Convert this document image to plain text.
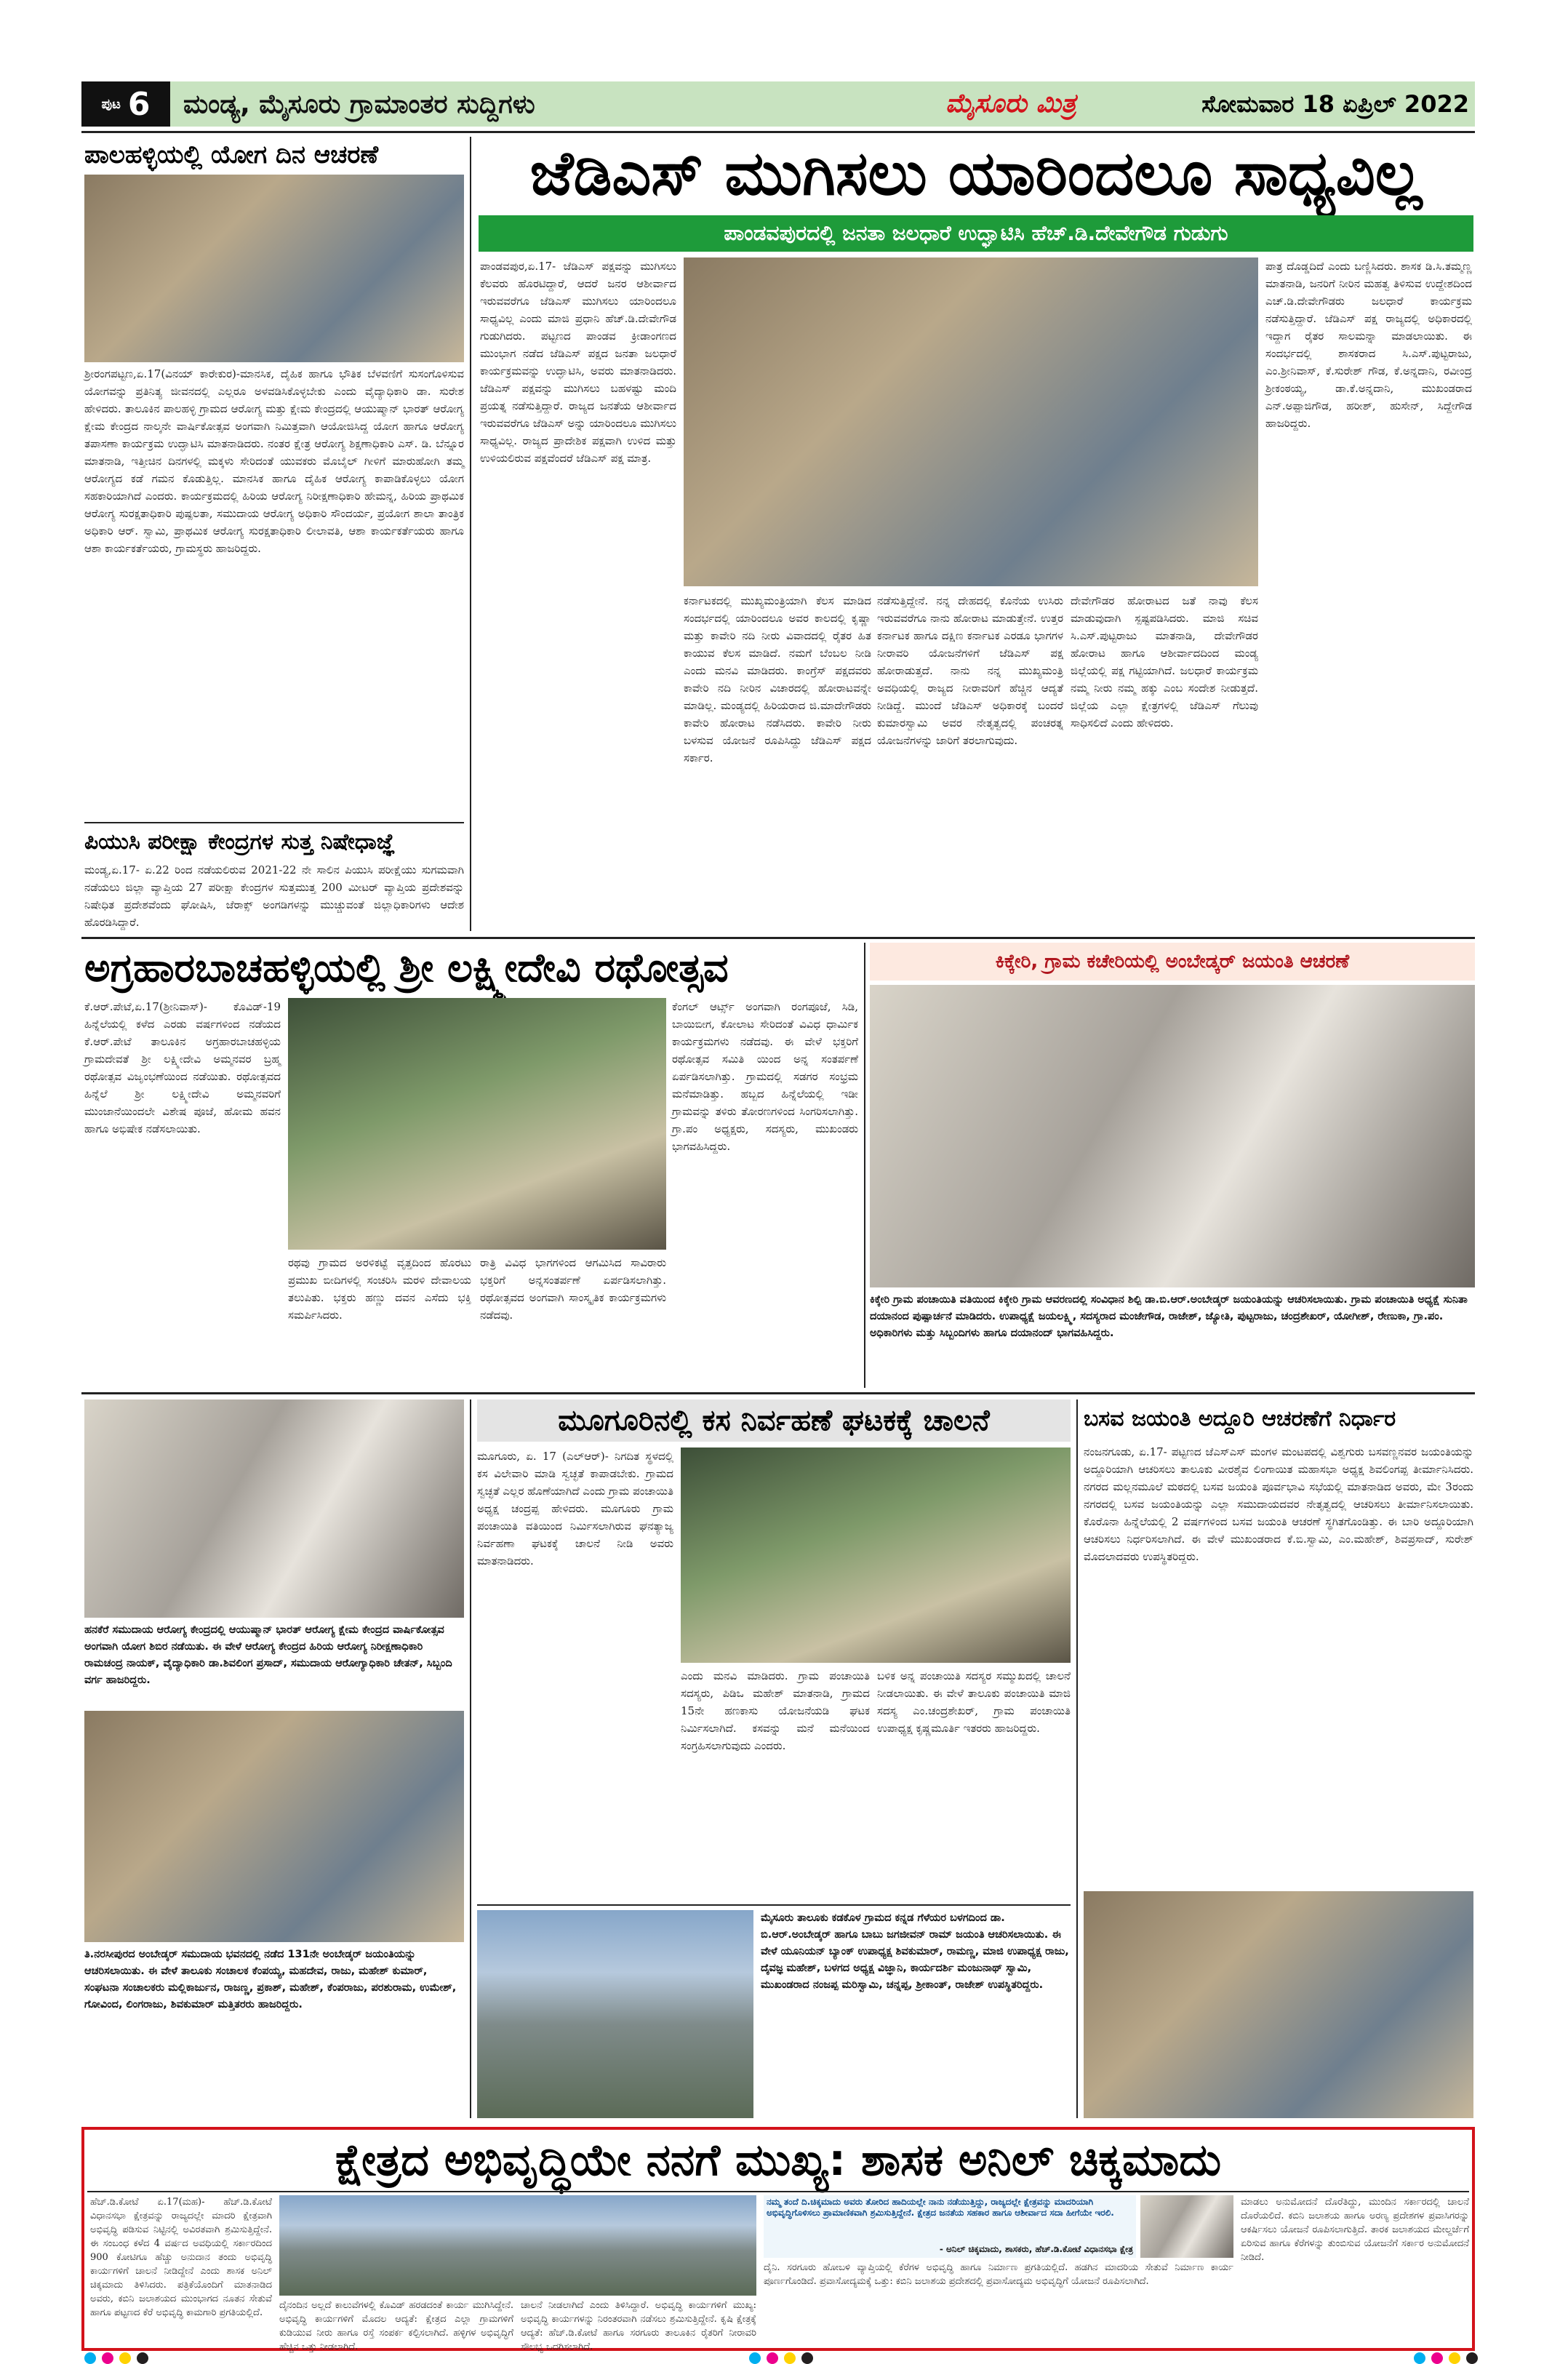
ಪುಟ 6 ಮಂಡ್ಯ, ಮೈಸೂರು ಗ್ರಾಮಾಂತರ ಸುದ್ದಿಗಳು	ಮೈಸೂರು ಮಿತ್ರ	ಸೋಮವಾರ 18 ಏಪ್ರಿಲ್ 2022
ಪಾಲಹಳ್ಳಿಯಲ್ಲಿ ಯೋಗ ದಿನ ಆಚರಣೆ
ಶ್ರೀರಂಗಪಟ್ಟಣ,ಏ.17(ವಿನಯ್ ಕಾರೇಕುರ)-ಮಾನಸಿಕ, ದೈಹಿಕ ಹಾಗೂ ಭೌತಿಕ ಬೆಳವಣಿಗೆ ಸುಸಂಗೊಳಿಸುವ ಯೋಗವನ್ನು ಪ್ರತಿನಿತ್ಯ ಜೀವನದಲ್ಲಿ ಎಲ್ಲರೂ ಅಳವಡಿಸಿಕೊಳ್ಳಬೇಕು ಎಂದು ವೈದ್ಯಾಧಿಕಾರಿ ಡಾ. ಸುರೇಶ ಹೇಳಿದರು. ತಾಲೂಕಿನ ಪಾಲಹಳ್ಳಿ ಗ್ರಾಮದ ಆರೋಗ್ಯ ಮತ್ತು ಕ್ಷೇಮ ಕೇಂದ್ರದಲ್ಲಿ ಆಯುಷ್ಮಾನ್ ಭಾರತ್ ಆರೋಗ್ಯ ಕ್ಷೇಮ ಕೇಂದ್ರದ ನಾಲ್ಕನೇ ವಾರ್ಷಿಕೋತ್ಸವ ಅಂಗವಾಗಿ ನಿಮಿತ್ತವಾಗಿ ಆಯೋಜಿಸಿದ್ದ ಯೋಗ ಹಾಗೂ ಆರೋಗ್ಯ ತಪಾಸಣಾ ಕಾರ್ಯಕ್ರಮ ಉದ್ಘಾಟಿಸಿ ಮಾತನಾಡಿದರು. ನಂತರ ಕ್ಷೇತ್ರ ಆರೋಗ್ಯ ಶಿಕ್ಷಣಾಧಿಕಾರಿ ಎಸ್. ಡಿ. ಬೆನ್ನೂರ ಮಾತನಾಡಿ, ಇತ್ತೀಚಿನ ದಿನಗಳಲ್ಲಿ ಮಕ್ಕಳು ಸೇರಿದಂತೆ ಯುವಕರು ಮೊಬೈಲ್ ಗೀಳಿಗೆ ಮಾರುಹೋಗಿ ತಮ್ಮ ಆರೋಗ್ಯದ ಕಡೆ ಗಮನ ಕೊಡುತ್ತಿಲ್ಲ. ಮಾನಸಿಕ ಹಾಗೂ ದೈಹಿಕ ಆರೋಗ್ಯ ಕಾಪಾಡಿಕೊಳ್ಳಲು ಯೋಗ ಸಹಕಾರಿಯಾಗಿದೆ ಎಂದರು. ಕಾರ್ಯಕ್ರಮದಲ್ಲಿ ಹಿರಿಯ ಆರೋಗ್ಯ ನಿರೀಕ್ಷಣಾಧಿಕಾರಿ ಹೇಮನ್ನ, ಹಿರಿಯ ಪ್ರಾಥಮಿಕ ಆರೋಗ್ಯ ಸುರಕ್ಷತಾಧಿಕಾರಿ ಪುಷ್ಪಲತಾ, ಸಮುದಾಯ ಆರೋಗ್ಯ ಅಧಿಕಾರಿ ಸೌಂದರ್ಯ, ಪ್ರಯೋಗ ಶಾಲಾ ತಾಂತ್ರಿಕ ಅಧಿಕಾರಿ ಆರ್. ಸ್ವಾಮಿ, ಪ್ರಾಥಮಿಕ ಆರೋಗ್ಯ ಸುರಕ್ಷತಾಧಿಕಾರಿ ಲೀಲಾವತಿ, ಆಶಾ ಕಾರ್ಯಕರ್ತೆಯರು ಹಾಗೂ ಆಶಾ ಕಾರ್ಯಕರ್ತೆಯರು, ಗ್ರಾಮಸ್ಥರು ಹಾಜರಿದ್ದರು.
ಪಿಯುಸಿ ಪರೀಕ್ಷಾ ಕೇಂದ್ರಗಳ ಸುತ್ತ ನಿಷೇಧಾಜ್ಞೆ
ಮಂಡ್ಯ,ಏ.17- ಏ.22 ರಿಂದ ನಡೆಯಲಿರುವ 2021-22 ನೇ ಸಾಲಿನ ಪಿಯುಸಿ ಪರೀಕ್ಷೆಯು ಸುಗಮವಾಗಿ ನಡೆಯಲು ಜಿಲ್ಲಾ ವ್ಯಾಪ್ತಿಯ 27 ಪರೀಕ್ಷಾ ಕೇಂದ್ರಗಳ ಸುತ್ತಮುತ್ತ 200 ಮೀಟರ್ ವ್ಯಾಪ್ತಿಯ ಪ್ರದೇಶವನ್ನು ನಿಷೇಧಿತ ಪ್ರದೇಶವೆಂದು ಘೋಷಿಸಿ, ಜೆರಾಕ್ಸ್ ಅಂಗಡಿಗಳನ್ನು ಮುಚ್ಚುವಂತೆ ಜಿಲ್ಲಾಧಿಕಾರಿಗಳು ಆದೇಶ ಹೊರಡಿಸಿದ್ದಾರೆ.
ಜೆಡಿಎಸ್ ಮುಗಿಸಲು ಯಾರಿಂದಲೂ ಸಾಧ್ಯವಿಲ್ಲ
ಪಾಂಡವಪುರದಲ್ಲಿ ಜನತಾ ಜಲಧಾರೆ ಉದ್ಘಾಟಿಸಿ ಹೆಚ್.ಡಿ.ದೇವೇಗೌಡ ಗುಡುಗು
ಪಾಂಡವಪುರ,ಏ.17- ಜೆಡಿಎಸ್ ಪಕ್ಷವನ್ನು ಮುಗಿಸಲು ಕೆಲವರು ಹೊರಟಿದ್ದಾರೆ, ಆದರೆ ಜನರ ಆಶೀರ್ವಾದ ಇರುವವರೆಗೂ ಜೆಡಿಎಸ್ ಮುಗಿಸಲು ಯಾರಿಂದಲೂ ಸಾಧ್ಯವಿಲ್ಲ ಎಂದು ಮಾಜಿ ಪ್ರಧಾನಿ ಹೆಚ್.ಡಿ.ದೇವೇಗೌಡ ಗುಡುಗಿದರು. ಪಟ್ಟಣದ ಪಾಂಡವ ಕ್ರೀಡಾಂಗಣದ ಮುಂಭಾಗ ನಡೆದ ಜೆಡಿಎಸ್ ಪಕ್ಷದ ಜನತಾ ಜಲಧಾರೆ ಕಾರ್ಯಕ್ರಮವನ್ನು ಉದ್ಘಾಟಿಸಿ, ಅವರು ಮಾತನಾಡಿದರು. ಜೆಡಿಎಸ್ ಪಕ್ಷವನ್ನು ಮುಗಿಸಲು ಬಹಳಷ್ಟು ಮಂದಿ ಪ್ರಯತ್ನ ನಡೆಸುತ್ತಿದ್ದಾರೆ. ರಾಜ್ಯದ ಜನತೆಯ ಆಶೀರ್ವಾದ ಇರುವವರೆಗೂ ಜೆಡಿಎಸ್ ಅನ್ನು ಯಾರಿಂದಲೂ ಮುಗಿಸಲು ಸಾಧ್ಯವಿಲ್ಲ. ರಾಜ್ಯದ ಪ್ರಾದೇಶಿಕ ಪಕ್ಷವಾಗಿ ಉಳಿದ ಮತ್ತು ಉಳಿಯಲಿರುವ ಪಕ್ಷವೆಂದರೆ ಜೆಡಿಎಸ್ ಪಕ್ಷ ಮಾತ್ರ.
ಪಾತ್ರ ದೊಡ್ಡದಿದೆ ಎಂದು ಬಣ್ಣಿಸಿದರು. ಶಾಸಕ ಡಿ.ಸಿ.ತಮ್ಮಣ್ಣ ಮಾತನಾಡಿ, ಜನರಿಗೆ ನೀರಿನ ಮಹತ್ವ ತಿಳಿಸುವ ಉದ್ದೇಶದಿಂದ ಎಚ್.ಡಿ.ದೇವೇಗೌಡರು ಜಲಧಾರೆ ಕಾರ್ಯಕ್ರಮ ನಡೆಸುತ್ತಿದ್ದಾರೆ. ಜೆಡಿಎಸ್ ಪಕ್ಷ ರಾಜ್ಯದಲ್ಲಿ ಅಧಿಕಾರದಲ್ಲಿ ಇದ್ದಾಗ ರೈತರ ಸಾಲಮನ್ನಾ ಮಾಡಲಾಯಿತು. ಈ ಸಂದರ್ಭದಲ್ಲಿ ಶಾಸಕರಾದ ಸಿ.ಎಸ್.ಪುಟ್ಟರಾಜು, ಎಂ.ಶ್ರೀನಿವಾಸ್, ಕೆ.ಸುರೇಶ್ ಗೌಡ, ಕೆ.ಅನ್ನದಾನಿ, ರವೀಂದ್ರ ಶ್ರೀಕಂಠಯ್ಯ, ಡಾ.ಕೆ.ಅನ್ನದಾನಿ, ಮುಖಂಡರಾದ ಎನ್.ಅಪ್ಪಾಜಿಗೌಡ, ಹರೀಶ್, ಹುಸೇನ್, ಸಿದ್ದೇಗೌಡ ಹಾಜರಿದ್ದರು.
ಕರ್ನಾಟಕದಲ್ಲಿ ಮುಖ್ಯಮಂತ್ರಿಯಾಗಿ ಕೆಲಸ ಮಾಡಿದ ಸಂದರ್ಭದಲ್ಲಿ ಯಾರಿಂದಲೂ ಅವರ ಕಾಲದಲ್ಲಿ ಕೃಷ್ಣಾ ಮತ್ತು ಕಾವೇರಿ ನದಿ ನೀರು ವಿವಾದದಲ್ಲಿ ರೈತರ ಹಿತ ಕಾಯುವ ಕೆಲಸ ಮಾಡಿದೆ. ನಮಗೆ ಬೆಂಬಲ ನೀಡಿ ಎಂದು ಮನವಿ ಮಾಡಿದರು. ಕಾಂಗ್ರೆಸ್ ಪಕ್ಷದವರು ಕಾವೇರಿ ನದಿ ನೀರಿನ ವಿಚಾರದಲ್ಲಿ ಹೋರಾಟವನ್ನೇ ಮಾಡಿಲ್ಲ. ಮಂಡ್ಯದಲ್ಲಿ ಹಿರಿಯರಾದ ಜಿ.ಮಾದೇಗೌಡರು ಕಾವೇರಿ ಹೋರಾಟ ನಡೆಸಿದರು. ಕಾವೇರಿ ನೀರು ಬಳಸುವ ಯೋಜನೆ ರೂಪಿಸಿದ್ದು ಜೆಡಿಎಸ್ ಪಕ್ಷದ ಸರ್ಕಾರ.
ನಡೆಸುತ್ತಿದ್ದೇನೆ. ನನ್ನ ದೇಹದಲ್ಲಿ ಕೊನೆಯ ಉಸಿರು ಇರುವವರೆಗೂ ನಾನು ಹೋರಾಟ ಮಾಡುತ್ತೇನೆ. ಉತ್ತರ ಕರ್ನಾಟಕ ಹಾಗೂ ದಕ್ಷಿಣ ಕರ್ನಾಟಕ ಎರಡೂ ಭಾಗಗಳ ನೀರಾವರಿ ಯೋಜನೆಗಳಿಗೆ ಜೆಡಿಎಸ್ ಪಕ್ಷ ಹೋರಾಡುತ್ತದೆ. ನಾನು ನನ್ನ ಮುಖ್ಯಮಂತ್ರಿ ಅವಧಿಯಲ್ಲಿ ರಾಜ್ಯದ ನೀರಾವರಿಗೆ ಹೆಚ್ಚಿನ ಆದ್ಯತೆ ನೀಡಿದ್ದೆ. ಮುಂದೆ ಜೆಡಿಎಸ್ ಅಧಿಕಾರಕ್ಕೆ ಬಂದರೆ ಕುಮಾರಸ್ವಾಮಿ ಅವರ ನೇತೃತ್ವದಲ್ಲಿ ಪಂಚರತ್ನ ಯೋಜನೆಗಳನ್ನು ಜಾರಿಗೆ ತರಲಾಗುವುದು.
ದೇವೇಗೌಡರ ಹೋರಾಟದ ಜತೆ ನಾವು ಕೆಲಸ ಮಾಡುವುದಾಗಿ ಸ್ಪಷ್ಟಪಡಿಸಿದರು. ಮಾಜಿ ಸಚಿವ ಸಿ.ಎಸ್.ಪುಟ್ಟರಾಜು ಮಾತನಾಡಿ, ದೇವೇಗೌಡರ ಹೋರಾಟ ಹಾಗೂ ಆಶೀರ್ವಾದದಿಂದ ಮಂಡ್ಯ ಜಿಲ್ಲೆಯಲ್ಲಿ ಪಕ್ಷ ಗಟ್ಟಿಯಾಗಿದೆ. ಜಲಧಾರೆ ಕಾರ್ಯಕ್ರಮ ನಮ್ಮ ನೀರು ನಮ್ಮ ಹಕ್ಕು ಎಂಬ ಸಂದೇಶ ನೀಡುತ್ತದೆ. ಜಿಲ್ಲೆಯ ಎಲ್ಲಾ ಕ್ಷೇತ್ರಗಳಲ್ಲಿ ಜೆಡಿಎಸ್ ಗೆಲುವು ಸಾಧಿಸಲಿದೆ ಎಂದು ಹೇಳಿದರು.
ಅಗ್ರಹಾರಬಾಚಹಳ್ಳಿಯಲ್ಲಿ ಶ್ರೀ ಲಕ್ಷ್ಮೀದೇವಿ ರಥೋತ್ಸವ
ಕೆ.ಆರ್.ಪೇಟೆ,ಏ.17(ಶ್ರೀನಿವಾಸ್)- ಕೊವಿಡ್-19 ಹಿನ್ನೆಲೆಯಲ್ಲಿ ಕಳೆದ ಎರಡು ವರ್ಷಗಳಿಂದ ನಡೆಯದ ಕೆ.ಆರ್.ಪೇಟೆ ತಾಲೂಕಿನ ಅಗ್ರಹಾರಬಾಚಹಳ್ಳಿಯ ಗ್ರಾಮದೇವತೆ ಶ್ರೀ ಲಕ್ಷ್ಮೀದೇವಿ ಅಮ್ಮನವರ ಬ್ರಹ್ಮ ರಥೋತ್ಸವ ವಿಜೃಂಭಣೆಯಿಂದ ನಡೆಯಿತು. ರಥೋತ್ಸವದ ಹಿನ್ನೆಲೆ ಶ್ರೀ ಲಕ್ಷ್ಮೀದೇವಿ ಅಮ್ಮನವರಿಗೆ ಮುಂಜಾನೆಯಿಂದಲೇ ವಿಶೇಷ ಪೂಜೆ, ಹೋಮ ಹವನ ಹಾಗೂ ಅಭಿಷೇಕ ನಡೆಸಲಾಯಿತು.
ರಥವು ಗ್ರಾಮದ ಅರಳಿಕಟ್ಟೆ ವೃತ್ತದಿಂದ ಹೊರಟು ಪ್ರಮುಖ ಬೀದಿಗಳಲ್ಲಿ ಸಂಚರಿಸಿ ಮರಳಿ ದೇವಾಲಯ ತಲುಪಿತು. ಭಕ್ತರು ಹಣ್ಣು ದವನ ಎಸೆದು ಭಕ್ತಿ ಸಮರ್ಪಿಸಿದರು.
ರಾತ್ರಿ ವಿವಿಧ ಭಾಗಗಳಿಂದ ಆಗಮಿಸಿದ ಸಾವಿರಾರು ಭಕ್ತರಿಗೆ ಅನ್ನಸಂತರ್ಪಣೆ ಏರ್ಪಡಿಸಲಾಗಿತ್ತು. ರಥೋತ್ಸವದ ಅಂಗವಾಗಿ ಸಾಂಸ್ಕೃತಿಕ ಕಾರ್ಯಕ್ರಮಗಳು ನಡೆದವು.
ಕೆಂಗಲ್ ಆರ್ಟ್ಸ್ ಅಂಗವಾಗಿ ರಂಗಪೂಜೆ, ಸಿಡಿ, ಬಾಯಿಬೀಗ, ಕೋಲಾಟ ಸೇರಿದಂತೆ ವಿವಿಧ ಧಾರ್ಮಿಕ ಕಾರ್ಯಕ್ರಮಗಳು ನಡೆದವು. ಈ ವೇಳೆ ಭಕ್ತರಿಗೆ ರಥೋತ್ಸವ ಸಮಿತಿ ಯಿಂದ ಅನ್ನ ಸಂತರ್ಪಣೆ ಏರ್ಪಡಿಸಲಾಗಿತ್ತು. ಗ್ರಾಮದಲ್ಲಿ ಸಡಗರ ಸಂಭ್ರಮ ಮನೆಮಾಡಿತ್ತು. ಹಬ್ಬದ ಹಿನ್ನೆಲೆಯಲ್ಲಿ ಇಡೀ ಗ್ರಾಮವನ್ನು ತಳಿರು ತೋರಣಗಳಿಂದ ಸಿಂಗರಿಸಲಾಗಿತ್ತು. ಗ್ರಾ.ಪಂ ಅಧ್ಯಕ್ಷರು, ಸದಸ್ಯರು, ಮುಖಂಡರು ಭಾಗವಹಿಸಿದ್ದರು.
ಕಿಕ್ಕೇರಿ, ಗ್ರಾಮ ಕಚೇರಿಯಲ್ಲಿ ಅಂಬೇಡ್ಕರ್ ಜಯಂತಿ ಆಚರಣೆ
ಕಿಕ್ಕೇರಿ ಗ್ರಾಮ ಪಂಚಾಯಿತಿ ವತಿಯಿಂದ ಕಿಕ್ಕೇರಿ ಗ್ರಾಮ ಆವರಣದಲ್ಲಿ ಸಂವಿಧಾನ ಶಿಲ್ಪಿ ಡಾ.ಬಿ.ಆರ್.ಅಂಬೇಡ್ಕರ್ ಜಯಂತಿಯನ್ನು ಆಚರಿಸಲಾಯಿತು. ಗ್ರಾಮ ಪಂಚಾಯಿತಿ ಅಧ್ಯಕ್ಷೆ ಸುನಿತಾ ದಯಾನಂದ ಪುಷ್ಪಾರ್ಚನೆ ಮಾಡಿದರು. ಉಪಾಧ್ಯಕ್ಷೆ ಜಯಲಕ್ಷ್ಮಿ, ಸದಸ್ಯರಾದ ಮಂಜೇಗೌಡ, ರಾಜೇಶ್, ಜ್ಯೋತಿ, ಪುಟ್ಟರಾಜು, ಚಂದ್ರಶೇಖರ್, ಯೋಗೀಶ್, ರೇಣುಕಾ, ಗ್ರಾ.ಪಂ. ಅಧಿಕಾರಿಗಳು ಮತ್ತು ಸಿಬ್ಬಂದಿಗಳು ಹಾಗೂ ದಯಾನಂದ್ ಭಾಗವಹಿಸಿದ್ದರು.
ಹನಕೆರೆ ಸಮುದಾಯ ಆರೋಗ್ಯ ಕೇಂದ್ರದಲ್ಲಿ ಆಯುಷ್ಮಾನ್ ಭಾರತ್ ಆರೋಗ್ಯ ಕ್ಷೇಮ ಕೇಂದ್ರದ ವಾರ್ಷಿಕೋತ್ಸವ ಅಂಗವಾಗಿ ಯೋಗ ಶಿಬಿರ ನಡೆಯಿತು. ಈ ವೇಳೆ ಆರೋಗ್ಯ ಕೇಂದ್ರದ ಹಿರಿಯ ಆರೋಗ್ಯ ನಿರೀಕ್ಷಣಾಧಿಕಾರಿ ರಾಮಚಂದ್ರ ನಾಯಕ್, ವೈದ್ಯಾಧಿಕಾರಿ ಡಾ.ಶಿವಲಿಂಗ ಪ್ರಸಾದ್, ಸಮುದಾಯ ಆರೋಗ್ಯಾಧಿಕಾರಿ ಚೇತನ್, ಸಿಬ್ಬಂದಿ ವರ್ಗ ಹಾಜರಿದ್ದರು.
ತಿ.ನರಸೀಪುರದ ಅಂಬೇಡ್ಕರ್ ಸಮುದಾಯ ಭವನದಲ್ಲಿ ನಡೆದ 131ನೇ ಅಂಬೇಡ್ಕರ್ ಜಯಂತಿಯನ್ನು ಆಚರಿಸಲಾಯಿತು. ಈ ವೇಳೆ ತಾಲೂಕು ಸಂಚಾಲಕ ಕೆಂಪಯ್ಯ, ಮಹದೇವ, ರಾಜು, ಮಹೇಶ್ ಕುಮಾರ್, ಸಂಘಟನಾ ಸಂಚಾಲಕರು ಮಲ್ಲಿಕಾರ್ಜುನ, ರಾಜಣ್ಣ, ಪ್ರಕಾಶ್, ಮಹೇಶ್, ಕೆಂಪರಾಜು, ಪರಶುರಾಮ, ಉಮೇಶ್, ಗೋವಿಂದ, ಲಿಂಗರಾಜು, ಶಿವಕುಮಾರ್ ಮತ್ತಿತರರು ಹಾಜರಿದ್ದರು.
ಮೂಗೂರಿನಲ್ಲಿ ಕಸ ನಿರ್ವಹಣೆ ಘಟಕಕ್ಕೆ ಚಾಲನೆ
ಮೂಗೂರು, ಏ. 17 (ಎಲ್‌ಆರ್)- ನಿಗದಿತ ಸ್ಥಳದಲ್ಲಿ ಕಸ ವಿಲೇವಾರಿ ಮಾಡಿ ಸ್ವಚ್ಛತೆ ಕಾಪಾಡಬೇಕು. ಗ್ರಾಮದ ಸ್ವಚ್ಛತೆ ಎಲ್ಲರ ಹೊಣೆಯಾಗಿದೆ ಎಂದು ಗ್ರಾಮ ಪಂಚಾಯಿತಿ ಅಧ್ಯಕ್ಷ ಚಂದ್ರಪ್ಪ ಹೇಳಿದರು. ಮೂಗೂರು ಗ್ರಾಮ ಪಂಚಾಯಿತಿ ವತಿಯಿಂದ ನಿರ್ಮಿಸಲಾಗಿರುವ ಘನತ್ಯಾಜ್ಯ ನಿರ್ವಹಣಾ ಘಟಕಕ್ಕೆ ಚಾಲನೆ ನೀಡಿ ಅವರು ಮಾತನಾಡಿದರು.
ಎಂದು ಮನವಿ ಮಾಡಿದರು. ಗ್ರಾಮ ಪಂಚಾಯಿತಿ ಸದಸ್ಯರು, ಪಿಡಿಒ ಮಹೇಶ್ ಮಾತನಾಡಿ, ಗ್ರಾಮದ 15ನೇ ಹಣಕಾಸು ಯೋಜನೆಯಡಿ ಘಟಕ ನಿರ್ಮಿಸಲಾಗಿದೆ. ಕಸವನ್ನು ಮನೆ ಮನೆಯಿಂದ ಸಂಗ್ರಹಿಸಲಾಗುವುದು ಎಂದರು.
ಬಳಿಕ ಅನ್ನ ಪಂಚಾಯಿತಿ ಸದಸ್ಯರ ಸಮ್ಮುಖದಲ್ಲಿ ಚಾಲನೆ ನೀಡಲಾಯಿತು. ಈ ವೇಳೆ ತಾಲೂಕು ಪಂಚಾಯಿತಿ ಮಾಜಿ ಸದಸ್ಯ ಎಂ.ಚಂದ್ರಶೇಖರ್, ಗ್ರಾಮ ಪಂಚಾಯಿತಿ ಉಪಾಧ್ಯಕ್ಷ ಕೃಷ್ಣಮೂರ್ತಿ ಇತರರು ಹಾಜರಿದ್ದರು.
ಮೈಸೂರು ತಾಲೂಕು ಕಡಕೊಳ ಗ್ರಾಮದ ಕನ್ನಡ ಗೆಳೆಯರ ಬಳಗದಿಂದ ಡಾ. ಬಿ.ಆರ್.ಅಂಬೇಡ್ಕರ್ ಹಾಗೂ ಬಾಬು ಜಗಜೀವನ್ ರಾಮ್ ಜಯಂತಿ ಆಚರಿಸಲಾಯಿತು. ಈ ವೇಳೆ ಯೂನಿಯನ್ ಬ್ಯಾಂಕ್ ಉಪಾಧ್ಯಕ್ಷ ಶಿವಕುಮಾರ್, ರಾಮಣ್ಣ, ಮಾಜಿ ಉಪಾಧ್ಯಕ್ಷ ರಾಜು, ದೈವಜ್ಞ ಮಹೇಶ್, ಬಳಗದ ಅಧ್ಯಕ್ಷ ವಿಜ್ಞಾನಿ, ಕಾರ್ಯದರ್ಶಿ ಮಂಜುನಾಥ್ ಸ್ವಾಮಿ, ಮುಖಂಡರಾದ ನಂಜಪ್ಪ ಮರಿಸ್ವಾಮಿ, ಚನ್ನಪ್ಪ, ಶ್ರೀಕಾಂತ್, ರಾಜೇಶ್ ಉಪಸ್ಥಿತರಿದ್ದರು.
ಬಸವ ಜಯಂತಿ ಅದ್ದೂರಿ ಆಚರಣೆಗೆ ನಿರ್ಧಾರ
ನಂಜನಗೂಡು, ಏ.17- ಪಟ್ಟಣದ ಜೆಎಸ್‌ಎಸ್ ಮಂಗಳ ಮಂಟಪದಲ್ಲಿ ವಿಶ್ವಗುರು ಬಸವಣ್ಣನವರ ಜಯಂತಿಯನ್ನು ಅದ್ದೂರಿಯಾಗಿ ಆಚರಿಸಲು ತಾಲೂಕು ವೀರಶೈವ ಲಿಂಗಾಯಿತ ಮಹಾಸಭಾ ಅಧ್ಯಕ್ಷ ಶಿವಲಿಂಗಪ್ಪ ತೀರ್ಮಾನಿಸಿದರು. ನಗರದ ಮಲ್ಲನಮೂಲೆ ಮಠದಲ್ಲಿ ಬಸವ ಜಯಂತಿ ಪೂರ್ವಭಾವಿ ಸಭೆಯಲ್ಲಿ ಮಾತನಾಡಿದ ಅವರು, ಮೇ 3ರಂದು ನಗರದಲ್ಲಿ ಬಸವ ಜಯಂತಿಯನ್ನು ಎಲ್ಲಾ ಸಮುದಾಯದವರ ನೇತೃತ್ವದಲ್ಲಿ ಆಚರಿಸಲು ತೀರ್ಮಾನಿಸಲಾಯಿತು. ಕೊರೊನಾ ಹಿನ್ನೆಲೆಯಲ್ಲಿ 2 ವರ್ಷಗಳಿಂದ ಬಸವ ಜಯಂತಿ ಆಚರಣೆ ಸ್ಥಗಿತಗೊಂಡಿತ್ತು. ಈ ಬಾರಿ ಅದ್ದೂರಿಯಾಗಿ ಆಚರಿಸಲು ನಿರ್ಧರಿಸಲಾಗಿದೆ. ಈ ವೇಳೆ ಮುಖಂಡರಾದ ಕೆ.ಬಿ.ಸ್ವಾಮಿ, ಎಂ.ಮಹೇಶ್, ಶಿವಪ್ರಸಾದ್, ಸುರೇಶ್ ಮೊದಲಾದವರು ಉಪಸ್ಥಿತರಿದ್ದರು.
ಕ್ಷೇತ್ರದ ಅಭಿವೃದ್ಧಿಯೇ ನನಗೆ ಮುಖ್ಯ: ಶಾಸಕ ಅನಿಲ್ ಚಿಕ್ಕಮಾದು
ಹೆಚ್.ಡಿ.ಕೋಟೆ ಏ.17(ಮಹ)- ಹೆಚ್.ಡಿ.ಕೋಟೆ ವಿಧಾನಸಭಾ ಕ್ಷೇತ್ರವನ್ನು ರಾಜ್ಯದಲ್ಲೇ ಮಾದರಿ ಕ್ಷೇತ್ರವಾಗಿ ಅಭಿವೃದ್ಧಿ ಪಡಿಸುವ ನಿಟ್ಟಿನಲ್ಲಿ ಅವಿರತವಾಗಿ ಶ್ರಮಿಸುತ್ತಿದ್ದೇನೆ. ಈ ಸಂಬಂಧ ಕಳೆದ 4 ವರ್ಷದ ಅವಧಿಯಲ್ಲಿ ಸರ್ಕಾರದಿಂದ 900 ಕೋಟಿಗೂ ಹೆಚ್ಚು ಅನುದಾನ ತಂದು ಅಭಿವೃದ್ಧಿ ಕಾರ್ಯಗಳಿಗೆ ಚಾಲನೆ ನೀಡಿದ್ದೇನೆ ಎಂದು ಶಾಸಕ ಅನಿಲ್ ಚಿಕ್ಕಮಾದು ತಿಳಿಸಿದರು. ಪತ್ರಿಕೆಯೊಂದಿಗೆ ಮಾತನಾಡಿದ ಅವರು, ಕಬಿನಿ ಜಲಾಶಯದ ಮುಂಭಾಗದ ನೂತನ ಸೇತುವೆ ಹಾಗೂ ಪಟ್ಟಣದ ಕೆರೆ ಅಭಿವೃದ್ಧಿ ಕಾಮಗಾರಿ ಪ್ರಗತಿಯಲ್ಲಿದೆ.
ದೈನಂದಿನ ಅಲ್ಲದೆ ಕಾಲುವೆಗಳಲ್ಲಿ ಕೊವಿಡ್ ಹರಡದಂತೆ ಕಾರ್ಯ ಮುಗಿಸಿದ್ದೇನೆ. ಅಭಿವೃದ್ಧಿ ಕಾರ್ಯಗಳಿಗೆ ಮೊದಲ ಆದ್ಯತೆ: ಕ್ಷೇತ್ರದ ಎಲ್ಲಾ ಗ್ರಾಮಗಳಿಗೆ ಕುಡಿಯುವ ನೀರು ಹಾಗೂ ರಸ್ತೆ ಸಂಪರ್ಕ ಕಲ್ಪಿಸಲಾಗಿದೆ. ಹಳ್ಳಿಗಳ ಅಭಿವೃದ್ಧಿಗೆ ಹೆಚ್ಚಿನ ಒತ್ತು ನೀಡಲಾಗಿದೆ.
ಚಾಲನೆ ನೀಡಲಾಗಿದೆ ಎಂದು ತಿಳಿಸಿದ್ದಾರೆ. ಅಭಿವೃದ್ಧಿ ಕಾರ್ಯಗಳಿಗೆ ಮುಖ್ಯ: ಅಭಿವೃದ್ಧಿ ಕಾರ್ಯಗಳನ್ನು ನಿರಂತರವಾಗಿ ನಡೆಸಲು ಶ್ರಮಿಸುತ್ತಿದ್ದೇನೆ. ಕೃಷಿ ಕ್ಷೇತ್ರಕ್ಕೆ ಆದ್ಯತೆ: ಹೆಚ್.ಡಿ.ಕೋಟೆ ಹಾಗೂ ಸರಗೂರು ತಾಲೂಕಿನ ರೈತರಿಗೆ ನೀರಾವರಿ ಸೌಲಭ್ಯ ಒದಗಿಸಲಾಗಿದೆ.
ನಮ್ಮ ತಂದೆ ದಿ.ಚಿಕ್ಕಮಾದು ಅವರು ತೋರಿದ ಹಾದಿಯಲ್ಲೇ ನಾನು ನಡೆಯುತ್ತಿದ್ದು, ರಾಜ್ಯದಲ್ಲೇ ಕ್ಷೇತ್ರವನ್ನು ಮಾದರಿಯಾಗಿ ಅಭಿವೃದ್ಧಿಗೊಳಿಸಲು ಪ್ರಾಮಾಣಿಕವಾಗಿ ಶ್ರಮಿಸುತ್ತಿದ್ದೇನೆ. ಕ್ಷೇತ್ರದ ಜನತೆಯ ಸಹಕಾರ ಹಾಗೂ ಆಶೀರ್ವಾದ ಸದಾ ಹೀಗೆಯೇ ಇರಲಿ.
- ಅನಿಲ್ ಚಿಕ್ಕಮಾದು, ಶಾಸಕರು, ಹೆಚ್.ಡಿ.ಕೋಟೆ ವಿಧಾನಸಭಾ ಕ್ಷೇತ್ರ
ದೈನಿ. ಸರಗೂರು ಹೋಬಳಿ ವ್ಯಾಪ್ತಿಯಲ್ಲಿ ಕೆರೆಗಳ ಅಭಿವೃದ್ಧಿ ಹಾಗೂ ನಿರ್ಮಾಣ ಪ್ರಗತಿಯಲ್ಲಿದೆ. ಹಡಗಿನ ಮಾದರಿಯ ಸೇತುವೆ ನಿರ್ಮಾಣ ಕಾರ್ಯ ಪೂರ್ಣಗೊಂಡಿದೆ. ಪ್ರವಾಸೋದ್ಯಮಕ್ಕೆ ಒತ್ತು: ಕಬಿನಿ ಜಲಾಶಯ ಪ್ರದೇಶದಲ್ಲಿ ಪ್ರವಾಸೋದ್ಯಮ ಅಭಿವೃದ್ಧಿಗೆ ಯೋಜನೆ ರೂಪಿಸಲಾಗಿದೆ.
ಮಾಡಲು ಅನುಮೋದನೆ ದೊರೆತಿದ್ದು, ಮುಂದಿನ ಸರ್ಕಾರದಲ್ಲಿ ಚಾಲನೆ ದೊರೆಯಲಿದೆ. ಕಬಿನಿ ಜಲಾಶಯ ಹಾಗೂ ಅರಣ್ಯ ಪ್ರದೇಶಗಳ ಪ್ರವಾಸಿಗರನ್ನು ಆಕರ್ಷಿಸಲು ಯೋಜನೆ ರೂಪಿಸಲಾಗುತ್ತಿದೆ. ತಾರಕ ಜಲಾಶಯದ ಮೇಲ್ದರ್ಜೆಗೆ ಏರಿಸುವ ಹಾಗೂ ಕೆರೆಗಳನ್ನು ತುಂಬಿಸುವ ಯೋಜನೆಗೆ ಸರ್ಕಾರ ಅನುಮೋದನೆ ನೀಡಿದೆ.
